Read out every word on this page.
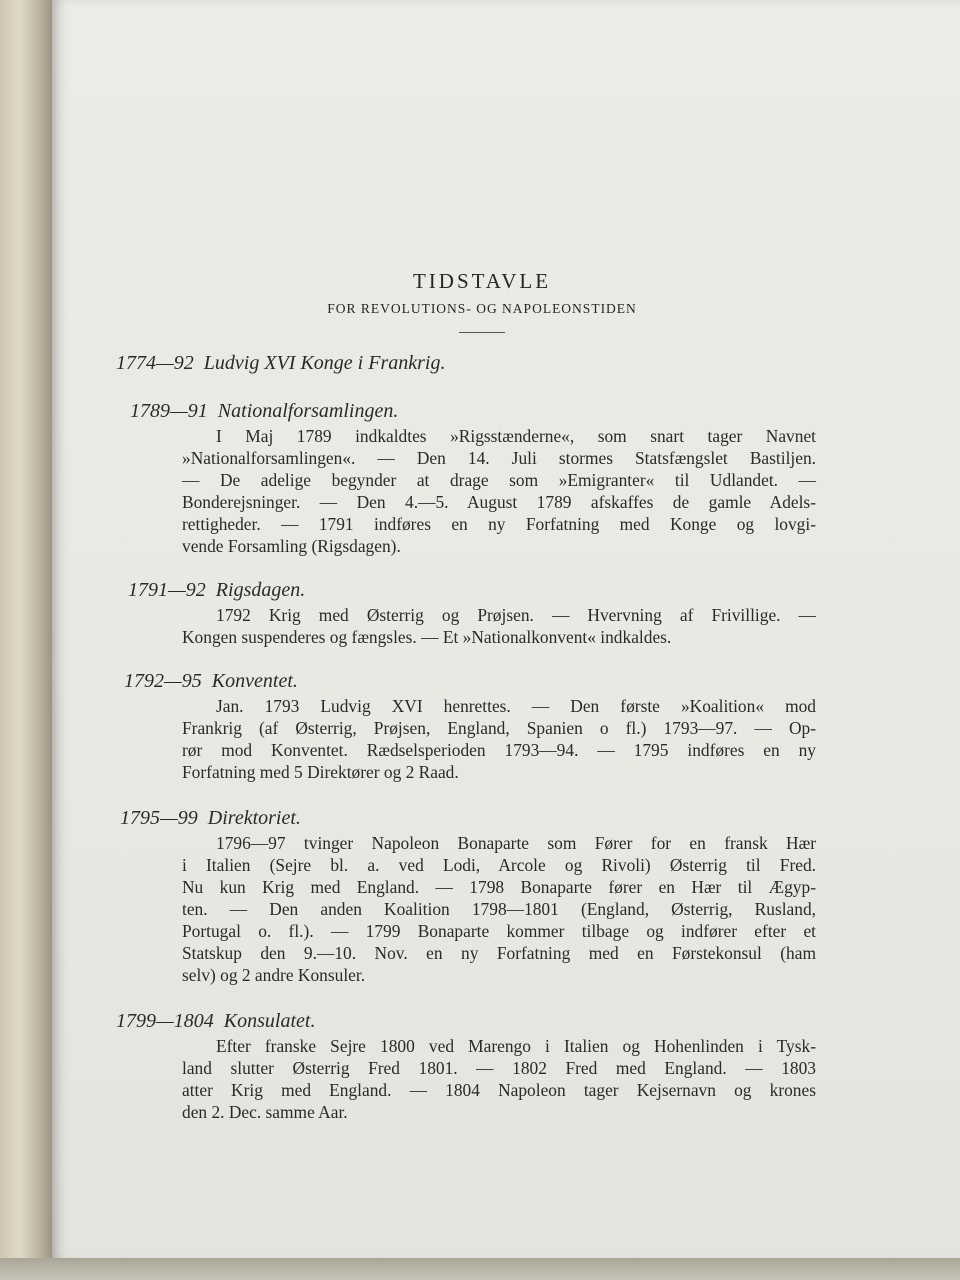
TIDSTAVLE
FOR REVOLUTIONS- OG NAPOLEONSTIDEN
1774—92 Ludvig XVI Konge i Frankrig.
1789—91 Nationalforsamlingen.
I Maj 1789 indkaldtes »Rigsstænderne«, som snart tager Navnet
»Nationalforsamlingen«. — Den 14. Juli stormes Statsfængslet Bastiljen.
— De adelige begynder at drage som »Emigranter« til Udlandet. —
Bonderejsninger. — Den 4.—5. August 1789 afskaffes de gamle Adels-
rettigheder. — 1791 indføres en ny Forfatning med Konge og lovgi-
vende Forsamling (Rigsdagen).
1791—92 Rigsdagen.
1792 Krig med Østerrig og Prøjsen. — Hvervning af Frivillige. —
Kongen suspenderes og fængsles. — Et »Nationalkonvent« indkaldes.
1792—95 Konventet.
Jan. 1793 Ludvig XVI henrettes. — Den første »Koalition« mod
Frankrig (af Østerrig, Prøjsen, England, Spanien o fl.) 1793—97. — Op-
rør mod Konventet. Rædselsperioden 1793—94. — 1795 indføres en ny
Forfatning med 5 Direktører og 2 Raad.
1795—99 Direktoriet.
1796—97 tvinger Napoleon Bonaparte som Fører for en fransk Hær
i Italien (Sejre bl. a. ved Lodi, Arcole og Rivoli) Østerrig til Fred.
Nu kun Krig med England. — 1798 Bonaparte fører en Hær til Ægyp-
ten. — Den anden Koalition 1798—1801 (England, Østerrig, Rusland,
Portugal o. fl.). — 1799 Bonaparte kommer tilbage og indfører efter et
Statskup den 9.—10. Nov. en ny Forfatning med en Førstekonsul (ham
selv) og 2 andre Konsuler.
1799—1804 Konsulatet.
Efter franske Sejre 1800 ved Marengo i Italien og Hohenlinden i Tysk-
land slutter Østerrig Fred 1801. — 1802 Fred med England. — 1803
atter Krig med England. — 1804 Napoleon tager Kejsernavn og krones
den 2. Dec. samme Aar.
